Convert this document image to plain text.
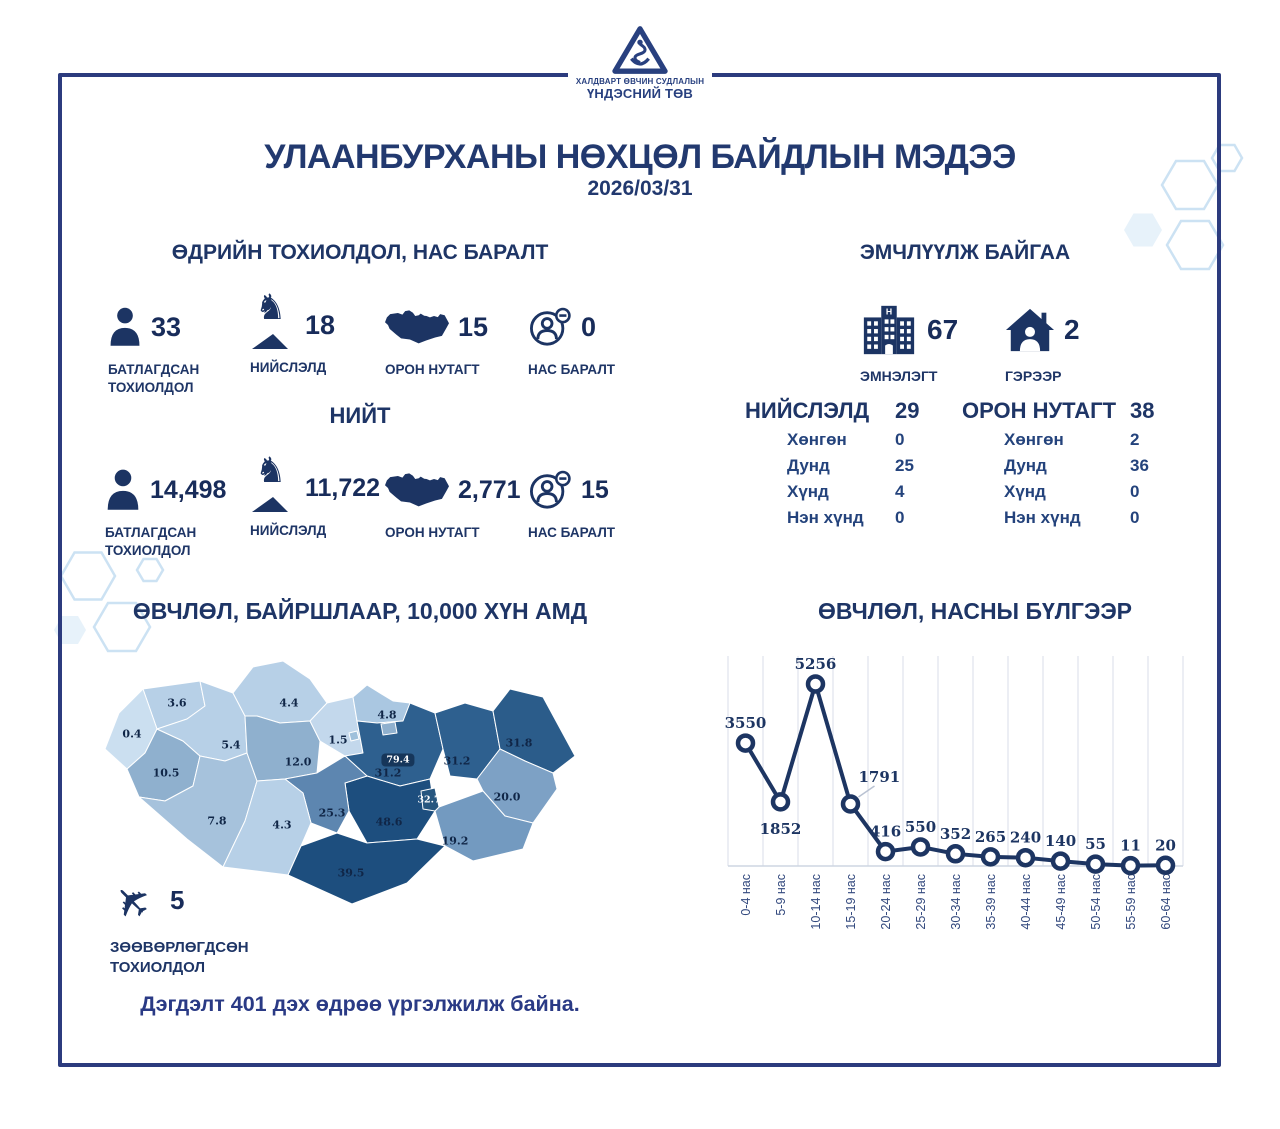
ХАЛДВАРТ ӨВЧИН СУДЛАЛЫН
ҮНДЭСНИЙ ТӨВ
УЛААНБУРХАНЫ НӨХЦӨЛ БАЙДЛЫН МЭДЭЭ
2026/03/31
ӨДРИЙН ТОХИОЛДОЛ, НАС БАРАЛТ
33
БАТЛАГДСАН ТОХИОЛДОЛ
♞ 18
НИЙСЛЭЛД
15
ОРОН НУТАГТ
0
НАС БАРАЛТ
НИЙТ
14,498
БАТЛАГДСАН ТОХИОЛДОЛ
♞ 11,722
НИЙСЛЭЛД
2,771
ОРОН НУТАГТ
15
НАС БАРАЛТ
ЭМЧЛҮҮЛЖ БАЙГАА
H
67
ЭМНЭЛЭГТ
2
ГЭРЭЭР
НИЙСЛЭЛД	29
Хөнгөн	0
Дунд	25
Хүнд	4
Нэн хүнд	0
ОРОН НУТАГТ 38
Хөнгөн	2
Дунд	36
Хүнд	0
Нэн хүнд	0
ӨВЧЛӨЛ, БАЙРШЛААР, 10,000 ХҮН АМД
0.4
3.6
10.5
5.4
4.4
7.8
12.0
1.5
4.8
4.3
25.3
48.6
39.5
31.2
79.4
32.7
31.2
31.8
20.0
19.2
✈ 5
ЗӨӨВӨРЛӨГДСӨН
ТОХИОЛДОЛ
Дэгдэлт 401 дэх өдрөө үргэлжилж байна.
ӨВЧЛӨЛ, НАСНЫ БҮЛГЭЭР
3550
0-4 нас
1852
5-9 нас
5256
10-14 нас
1791
15-19 нас
416
20-24 нас
550
25-29 нас
352
30-34 нас
265
35-39 нас
240
40-44 нас
140
45-49 нас
55
50-54 нас
11
55-59 нас
20
60-64 нас
